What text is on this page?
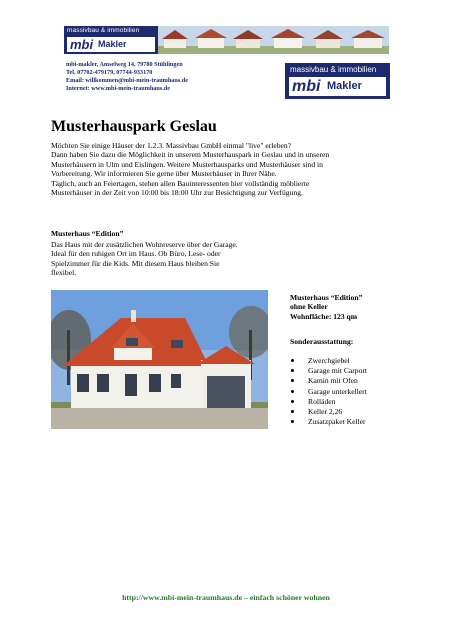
massivbau & immobilien
mbi Makler
mbi-makler, Amselweg 14, 79780 Stühlingen
Tel. 07702-479179, 07744-933170
Email: willkommen@mbi-mein-traumhaus.de
Internet: www.mbi-mein-traumhaus.de
massivbau & immobilien
mbi Makler
Musterhauspark Geslau
Möchten Sie einige Häuser der 1.2.3. Massivbau GmbH einmal "live" erleben?
Dann haben Sie dazu die Möglichkeit in unserem Musterhauspark in Geslau und in unseren
Musterhäusern in Ulm und Eislingen. Weitere Musterhausparks und Musterhäuser sind in
Vorbereitung. Wir informieren Sie gerne über Musterhäuser in Ihrer Nähe.
Täglich, auch an Feiertagen, stehen allen Bauinteressenten hier vollständig möblierte
Musterhäuser in der Zeit von 10:00 bis 18:00 Uhr zur Besichtigung zur Verfügung.
Musterhaus “Edition”
Das Haus mit der zusätzlichen Wohnreserve über der Garage.
Ideal für den ruhigen Ort im Haus. Ob Büro, Lese- oder
Spielzimmer für die Kids. Mit diesem Haus bleiben Sie
flexibel.
Musterhaus “Edition”
ohne Keller
Wohnfläche: 123 qm
Sonderausstattung:
Zwerchgiebel
Garage mit Carport
Kamin mit Ofen
Garage unterkellert
Rolläden
Keller 2,26
Zusatzpaket Keller
http://www.mbi-mein-traumhaus.de – einfach schöner wohnen
